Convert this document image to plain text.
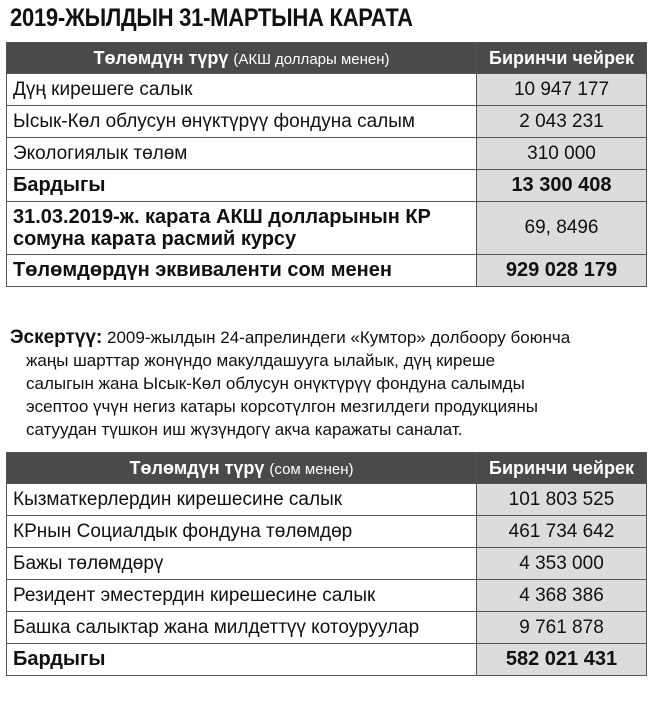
2019-ЖЫЛДЫН 31-МАРТЫНА КАРАТА
Төлөмдүн түрү (АКШ доллары менен)	Биринчи чейрек
Дүң кирешеге салык	10 947 177
Ысык-Көл облусун өнүктүрүү фондуна салым	2 043 231
Экологиялык төлөм	310 000
Бардыгы	13 300 408
31.03.2019-ж. карата АКШ долларынын КР сомуна карата расмий курсу	69, 8496
Төлөмдөрдүн эквиваленти сом менен	929 028 179
Эскертүү: 2009-жылдын 24-апрелиндеги «Кумтор» долбоору боюнча
жаңы шарттар жонүндо макулдашууга ылайык, дүң киреше
салыгын жана Ысык-Көл облусун онүктүрүү фондуна салымды
эсептоо үчүн негиз катары корсотүлгон мезгилдеги продукцияны
сатуудан түшкон иш жүзүндогү акча каражаты саналат.
Төлөмдүн түрү (сом менен)	Биринчи чейрек
Кызматкерлердин кирешесине салык	101 803 525
КРнын Социалдык фондуна төлөмдөр	461 734 642
Бажы төлөмдөрү	4 353 000
Резидент эместердин кирешесине салык	4 368 386
Башка салыктар жана милдеттүү котоуруулар	9 761 878
Бардыгы	582 021 431
